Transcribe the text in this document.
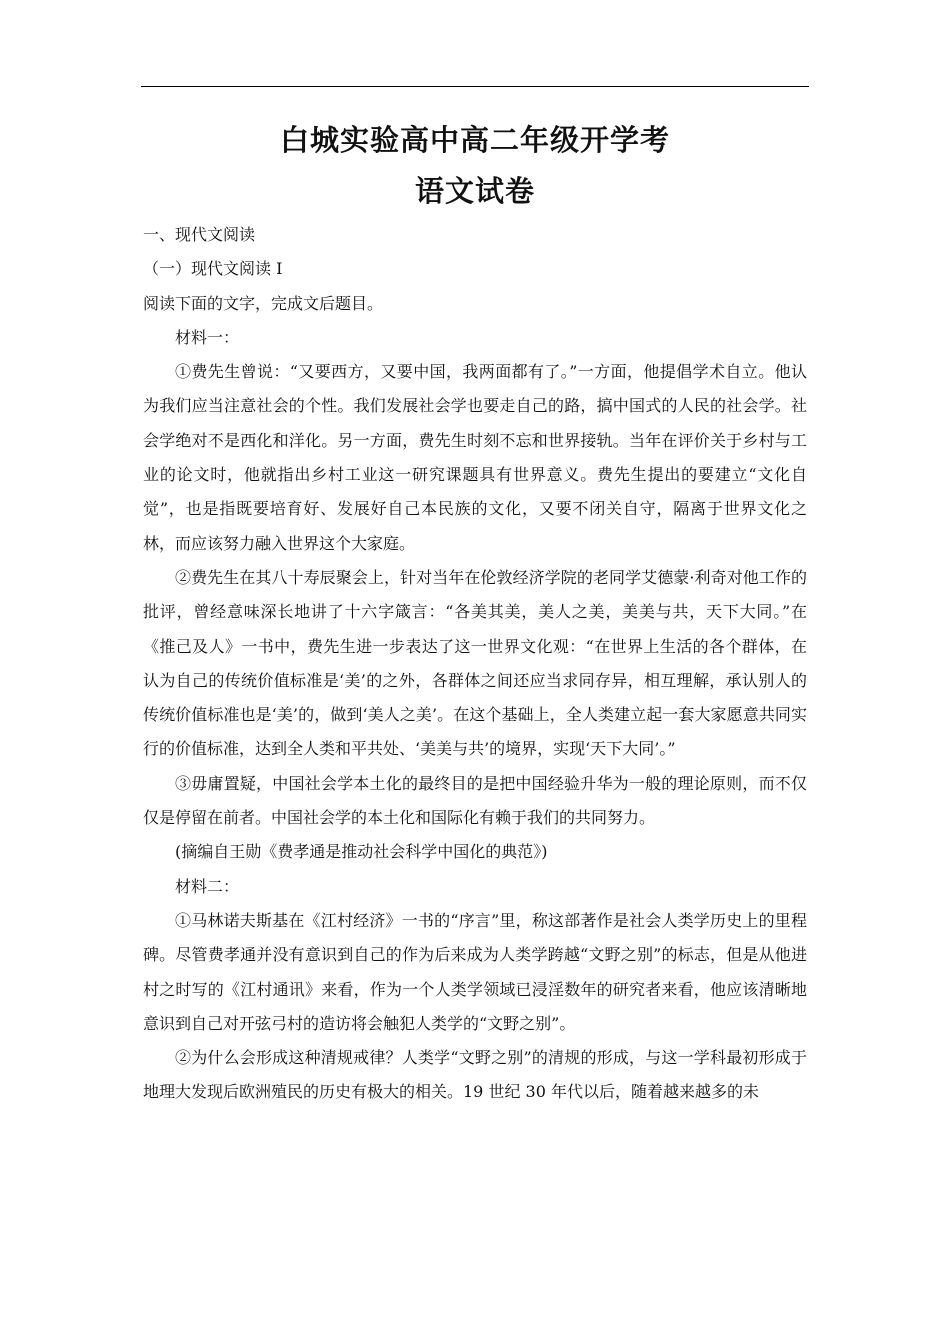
白城实验高中高二年级开学考
语文试卷

一、现代文阅读

（一）现代文阅读 I

阅读下面的文字，完成文后题目。

材料一：

①费先生曾说：“又要西方，又要中国，我两面都有了。”一方面，他提倡学术自立。他认为我们应当注意社会的个性。我们发展社会学也要走自己的路，搞中国式的人民的社会学。社会学绝对不是西化和洋化。另一方面，费先生时刻不忘和世界接轨。当年在评价关于乡村与工业的论文时，他就指出乡村工业这一研究课题具有世界意义。费先生提出的要建立“文化自觉”，也是指既要培育好、发展好自己本民族的文化，又要不闭关自守，隔离于世界文化之林，而应该努力融入世界这个大家庭。

②费先生在其八十寿辰聚会上，针对当年在伦敦经济学院的老同学艾德蒙·利奇对他工作的批评，曾经意味深长地讲了十六字箴言：“各美其美，美人之美，美美与共，天下大同。”在《推己及人》一书中，费先生进一步表达了这一世界文化观：“在世界上生活的各个群体，在认为自己的传统价值标准是‘美’的之外，各群体之间还应当求同存异，相互理解，承认别人的传统价值标准也是‘美’的，做到‘美人之美’。在这个基础上，全人类建立起一套大家愿意共同实行的价值标准，达到全人类和平共处、‘美美与共’的境界，实现‘天下大同’。”

③毋庸置疑，中国社会学本土化的最终目的是把中国经验升华为一般的理论原则，而不仅仅是停留在前者。中国社会学的本土化和国际化有赖于我们的共同努力。

(摘编自王勋《费孝通是推动社会科学中国化的典范》)

材料二：

①马林诺夫斯基在《江村经济》一书的“序言”里，称这部著作是社会人类学历史上的里程碑。尽管费孝通并没有意识到自己的作为后来成为人类学跨越“文野之别”的标志，但是从他进村之时写的《江村通讯》来看，作为一个人类学领域已浸淫数年的研究者来看，他应该清晰地意识到自己对开弦弓村的造访将会触犯人类学的“文野之别”。

②为什么会形成这种清规戒律？人类学“文野之别”的清规的形成，与这一学科最初形成于地理大发现后欧洲殖民的历史有极大的相关。19 世纪 30 年代以后，随着越来越多的未
